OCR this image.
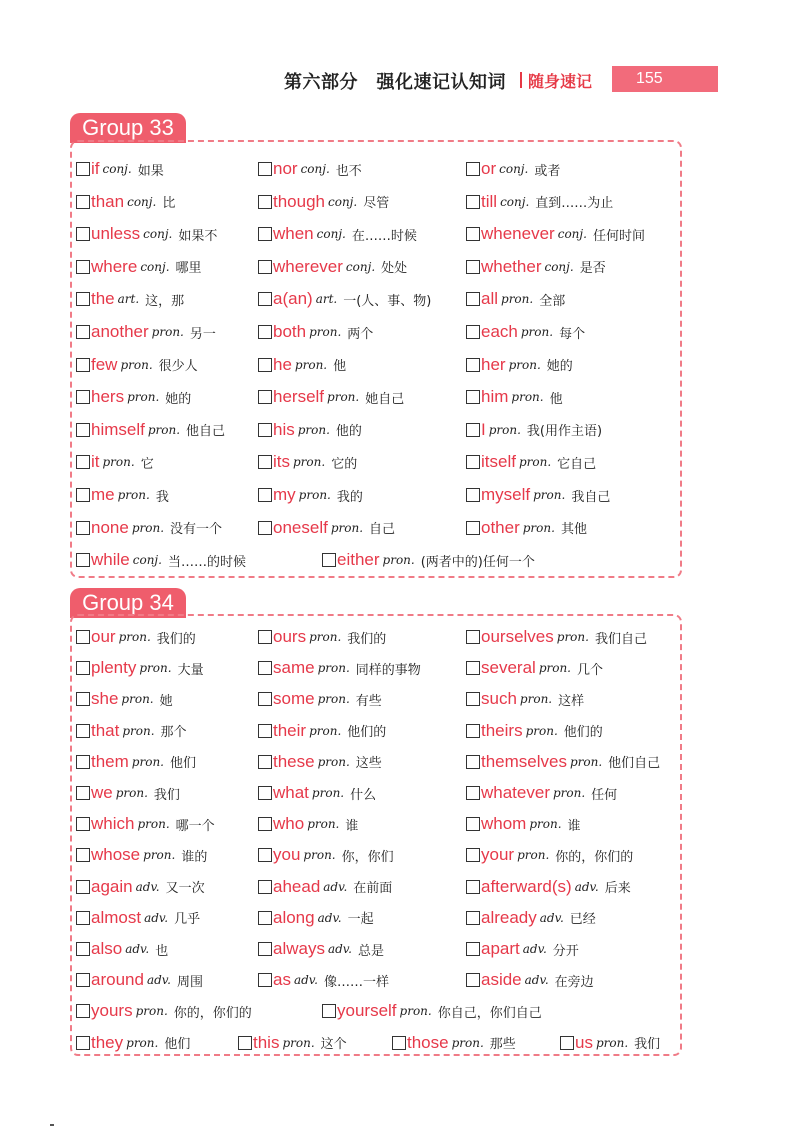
第六部分　强化速记认知词 随身速记	155
Group 33
if conj. 如果	nor conj. 也不	or conj. 或者
than conj. 比	though conj. 尽管	till conj. 直到……为止
unless conj. 如果不	when conj. 在……时候	whenever conj. 任何时间
where conj. 哪里	wherever conj. 处处	whether conj. 是否
the art. 这，那	a(an) art. 一(人、事、物)	all pron. 全部
another pron. 另一	both pron. 两个	each pron. 每个
few pron. 很少人	he pron. 他	her pron. 她的
hers pron. 她的	herself pron. 她自己	him pron. 他
himself pron. 他自己	his pron. 他的	I pron. 我(用作主语)
it pron. 它	its pron. 它的	itself pron. 它自己
me pron. 我	my pron. 我的	myself pron. 我自己
none pron. 没有一个	oneself pron. 自己	other pron. 其他
while conj. 当……的时候	either pron. (两者中的)任何一个
Group 34
our pron. 我们的	ours pron. 我们的	ourselves pron. 我们自己
plenty pron. 大量	same pron. 同样的事物	several pron. 几个
she pron. 她	some pron. 有些	such pron. 这样
that pron. 那个	their pron. 他们的	theirs pron. 他们的
them pron. 他们	these pron. 这些	themselves pron. 他们自己
we pron. 我们	what pron. 什么	whatever pron. 任何
which pron. 哪一个	who pron. 谁	whom pron. 谁
whose pron. 谁的	you pron. 你，你们	your pron. 你的，你们的
again adv. 又一次	ahead adv. 在前面	afterward(s) adv. 后来
almost adv. 几乎	along adv. 一起	already adv. 已经
also adv. 也	always adv. 总是	apart adv. 分开
around adv. 周围	as adv. 像……一样	aside adv. 在旁边
yours pron. 你的，你们的	yourself pron. 你自己，你们自己
they pron. 他们	this pron. 这个	those pron. 那些	us pron. 我们
